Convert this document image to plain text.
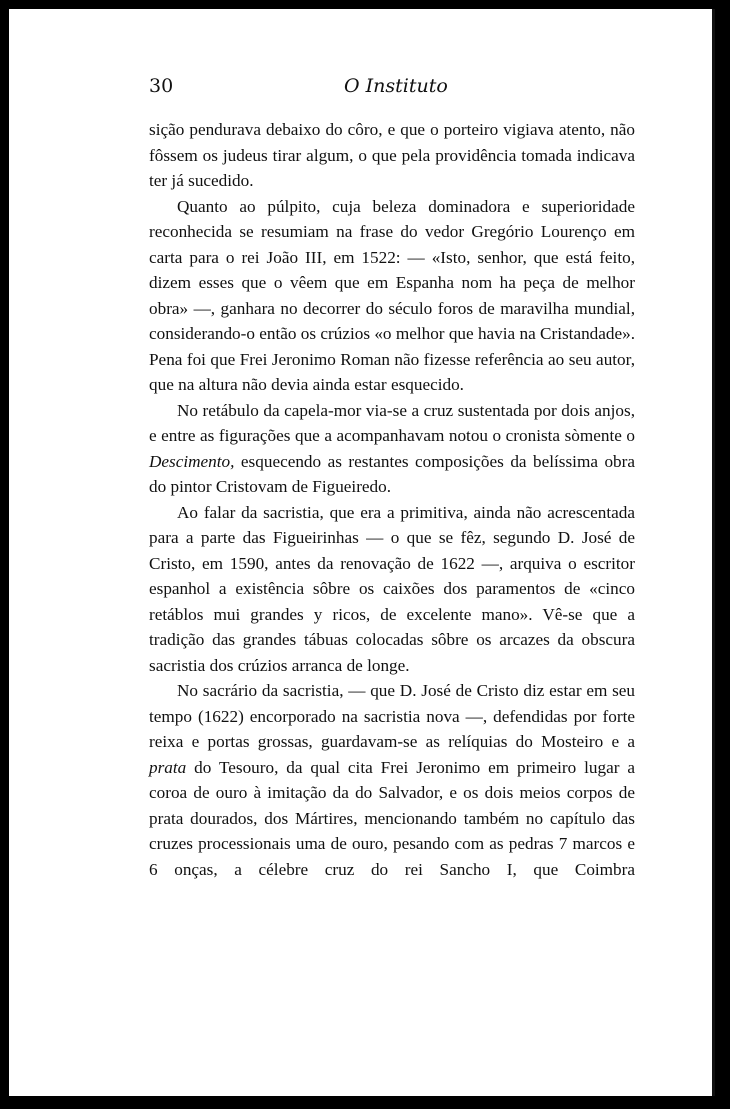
30	O Instituto

sição pendurava debaixo do côro, e que o porteiro vigiava atento, não fôssem os judeus tirar algum, o que pela providência tomada indicava ter já sucedido.

Quanto ao púlpito, cuja beleza dominadora e superioridade reconhecida se resumiam na frase do vedor Gregório Lourenço em carta para o rei João III, em 1522: — «Isto, senhor, que está feito, dizem esses que o vêem que em Espanha nom ha peça de melhor obra» —, ganhara no decorrer do século foros de maravilha mundial, considerando-o então os crúzios «o melhor que havia na Cristandade». Pena foi que Frei Jeronimo Roman não fizesse referência ao seu autor, que na altura não devia ainda estar esquecido.

No retábulo da capela-mor via-se a cruz sustentada por dois anjos, e entre as figurações que a acompanhavam notou o cronista sòmente o Descimento, esquecendo as restantes composições da belíssima obra do pintor Cristovam de Figueiredo.

Ao falar da sacristia, que era a primitiva, ainda não acrescentada para a parte das Figueirinhas — o que se fêz, segundo D. José de Cristo, em 1590, antes da renovação de 1622 —, arquiva o escritor espanhol a existência sôbre os caixões dos paramentos de «cinco retáblos mui grandes y ricos, de excelente mano». Vê-se que a tradição das grandes tábuas colocadas sôbre os arcazes da obscura sacristia dos crúzios arranca de longe.

No sacrário da sacristia, — que D. José de Cristo diz estar em seu tempo (1622) encorporado na sacristia nova —, defendidas por forte reixa e portas grossas, guardavam-se as relíquias do Mosteiro e a prata do Tesouro, da qual cita Frei Jeronimo em primeiro lugar a coroa de ouro à imitação da do Salvador, e os dois meios corpos de prata dourados, dos Mártires, mencionando também no capítulo das cruzes processionais uma de ouro, pesando com as pedras 7 marcos e 6 onças, a célebre cruz do rei Sancho I, que Coimbra
